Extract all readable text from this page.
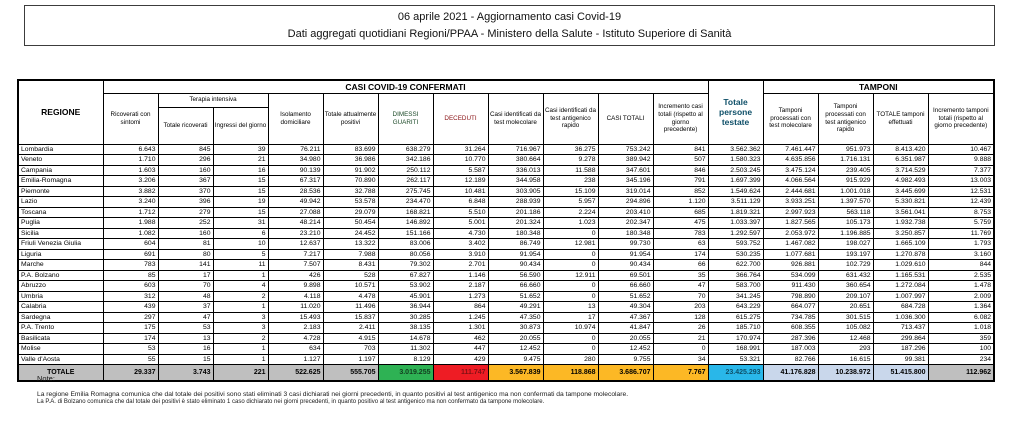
06 aprile 2021 - Aggiornamento casi Covid-19
Dati aggregati quotidiani Regioni/PPAA - Ministero della Salute - Istituto Superiore di Sanità
REGIONE	CASI COVID-19 CONFERMATI											Totale persone testate	TAMPONI			
	Ricoverati con sintomi	Terapia intensiva		Isolamento domiciliare	Totale attualmente positivi	DIMESSI GUARITI	DECEDUTI	Casi identificati da test molecolare	Casi identificati da test antigenico rapido	CASI TOTALI	Incremento casi totali (rispetto al giorno precedente)		Tamponi processati con test molecolare	Tamponi processati con test antigenico rapido	TOTALE tamponi effettuati	Incremento tamponi totali (rispetto al giorno precedente)
		Totale ricoverati	Ingressi del giorno													
Lombardia	6.643	845	39	76.211	83.699	638.279	31.264	716.967	36.275	753.242	841	3.562.362	7.461.447	951.973	8.413.420	10.467
Veneto	1.710	296	21	34.980	36.986	342.186	10.770	380.664	9.278	389.942	507	1.580.323	4.635.856	1.716.131	6.351.987	9.888
Campania	1.603	160	16	90.139	91.902	250.112	5.587	336.013	11.588	347.601	846	2.503.245	3.475.124	239.405	3.714.529	7.377
Emilia-Romagna	3.206	367	15	67.317	70.890	262.117	12.189	344.958	238	345.196	791	1.697.399	4.066.564	915.929	4.982.493	13.003
Piemonte	3.882	370	15	28.536	32.788	275.745	10.481	303.905	15.109	319.014	852	1.549.624	2.444.681	1.001.018	3.445.699	12.531
Lazio	3.240	396	19	49.942	53.578	234.470	6.848	288.939	5.957	294.896	1.120	3.511.129	3.933.251	1.397.570	5.330.821	12.439
Toscana	1.712	279	15	27.088	29.079	168.821	5.510	201.186	2.224	203.410	685	1.819.321	2.997.923	563.118	3.561.041	8.753
Puglia	1.988	252	31	48.214	50.454	146.892	5.001	201.324	1.023	202.347	475	1.033.397	1.827.565	105.173	1.932.738	5.759
Sicilia	1.082	160	6	23.210	24.452	151.166	4.730	180.348	0	180.348	783	1.292.597	2.053.972	1.196.885	3.250.857	11.769
Friuli Venezia Giulia	604	81	10	12.637	13.322	83.006	3.402	86.749	12.981	99.730	63	593.752	1.467.082	198.027	1.665.109	1.793
Liguria	691	80	5	7.217	7.988	80.056	3.910	91.954	0	91.954	174	530.235	1.077.681	193.197	1.270.878	3.160
Marche	783	141	11	7.507	8.431	79.302	2.701	90.434	0	90.434	66	622.700	926.881	102.729	1.029.610	844
P.A. Bolzano	85	17	1	426	528	67.827	1.146	56.590	12.911	69.501	35	366.764	534.099	631.432	1.165.531	2.535
Abruzzo	603	70	4	9.898	10.571	53.902	2.187	66.660	0	66.660	47	583.700	911.430	360.654	1.272.084	1.478
Umbria	312	48	2	4.118	4.478	45.901	1.273	51.652	0	51.652	70	341.245	798.890	209.107	1.007.997	2.009
Calabria	439	37	1	11.020	11.496	36.944	864	49.291	13	49.304	203	643.229	664.077	20.651	684.728	1.364
Sardegna	297	47	3	15.493	15.837	30.285	1.245	47.350	17	47.367	128	615.275	734.785	301.515	1.036.300	6.082
P.A. Trento	175	53	3	2.183	2.411	38.135	1.301	30.873	10.974	41.847	26	185.710	608.355	105.082	713.437	1.018
Basilicata	174	13	2	4.728	4.915	14.678	462	20.055	0	20.055	21	170.974	287.396	12.468	299.864	359
Molise	53	16	1	634	703	11.302	447	12.452	0	12.452	0	168.991	187.003	293	187.296	100
Valle d'Aosta	55	15	1	1.127	1.197	8.129	429	9.475	280	9.755	34	53.321	82.766	16.615	99.381	234
TOTALE	29.337	3.743	221	522.625	555.705	3.019.255	111.747	3.567.839	118.868	3.686.707	7.767	23.425.293	41.176.828	10.238.972	51.415.800	112.962
Note:
La regione Emilia Romagna comunica che dal totale dei positivi sono stati eliminati 3 casi dichiarati nei giorni precedenti, in quanto positivi al test antigenico ma non confermati da tampone molecolare.
La P.A. di Bolzano comunica che dal totale dei positivi è stato eliminato 1 caso dichiarato nei giorni precedenti, in quanto positivo al test antigenico ma non confermato da tampone molecolare.
